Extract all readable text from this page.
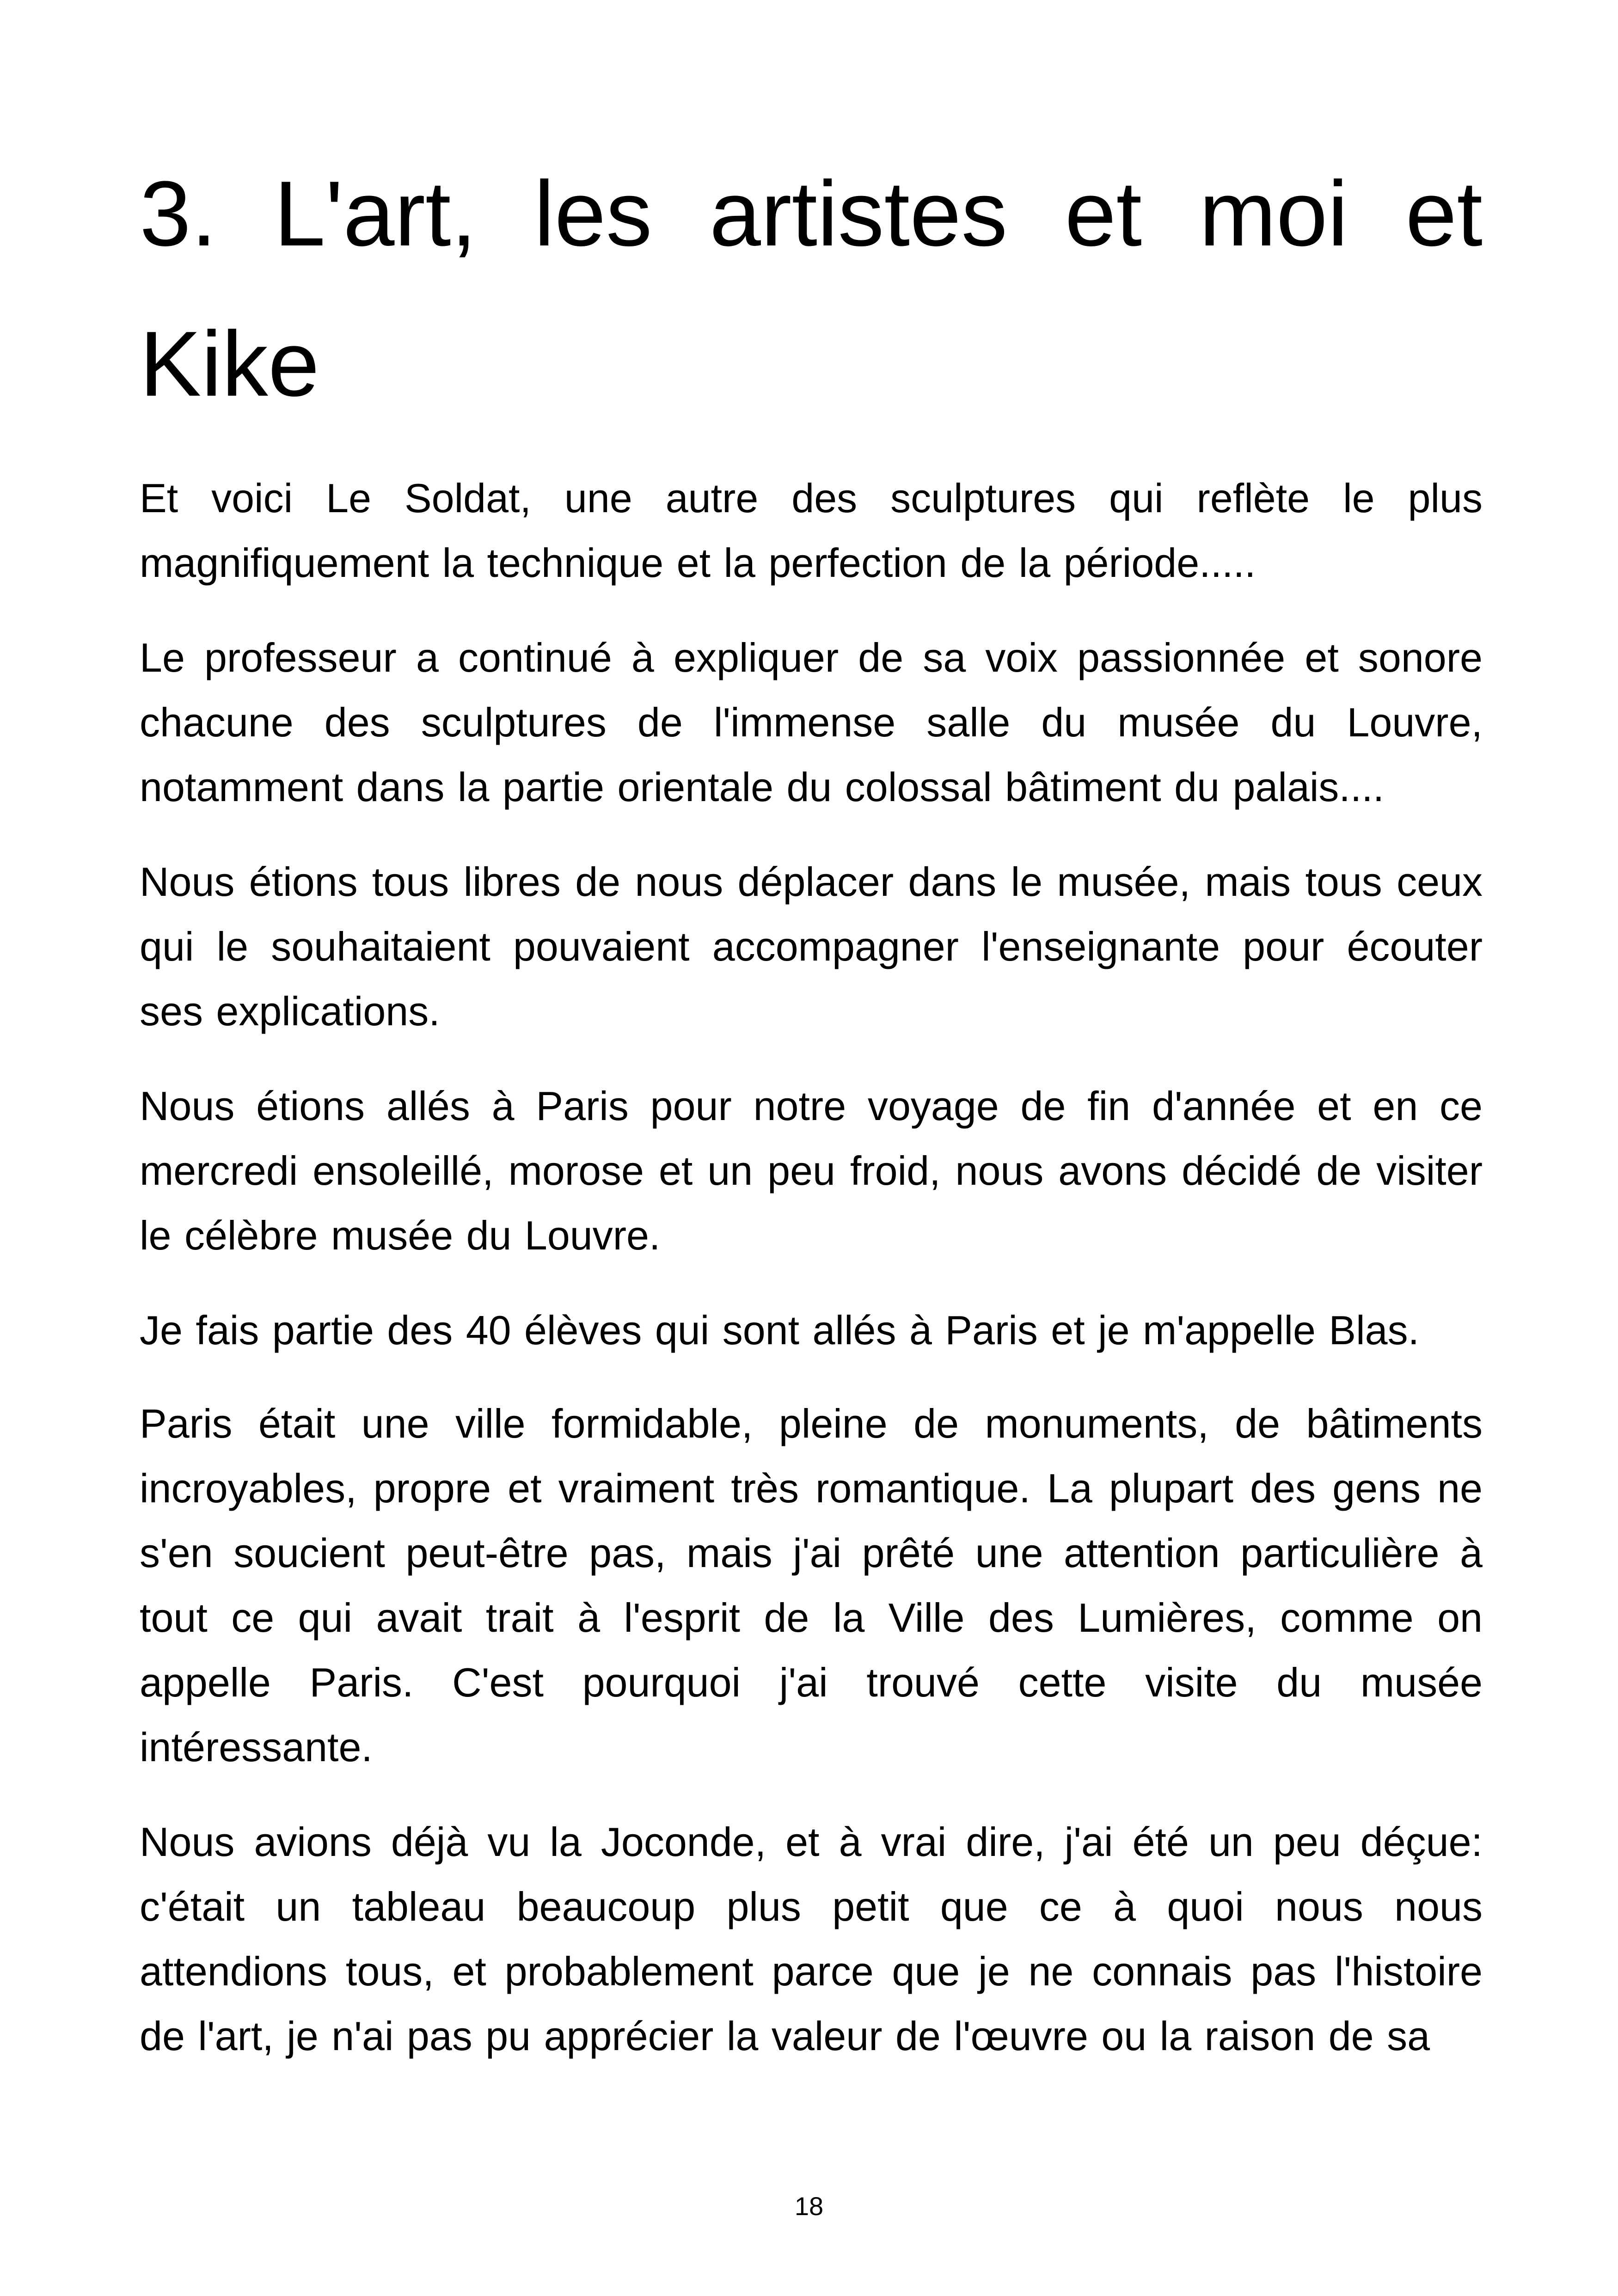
3. L'art, les artistes et moi et
Kike

Et voici Le Soldat, une autre des sculptures qui reflète le plus magnifiquement la technique et la perfection de la période.....

Le professeur a continué à expliquer de sa voix passionnée et sonore chacune des sculptures de l'immense salle du musée du Louvre, notamment dans la partie orientale du colossal bâtiment du palais....

Nous étions tous libres de nous déplacer dans le musée, mais tous ceux qui le souhaitaient pouvaient accompagner l'enseignante pour écouter ses explications.

Nous étions allés à Paris pour notre voyage de fin d'année et en ce mercredi ensoleillé, morose et un peu froid, nous avons décidé de visiter le célèbre musée du Louvre.

Je fais partie des 40 élèves qui sont allés à Paris et je m'appelle Blas.

Paris était une ville formidable, pleine de monuments, de bâtiments incroyables, propre et vraiment très romantique. La plupart des gens ne s'en soucient peut-être pas, mais j'ai prêté une attention particulière à tout ce qui avait trait à l'esprit de la Ville des Lumières, comme on appelle Paris. C'est pourquoi j'ai trouvé cette visite du musée intéressante.

Nous avions déjà vu la Joconde, et à vrai dire, j'ai été un peu déçue: c'était un tableau beaucoup plus petit que ce à quoi nous nous attendions tous, et probablement parce que je ne connais pas l'histoire de l'art, je n'ai pas pu apprécier la valeur de l'œuvre ou la raison de sa

18
